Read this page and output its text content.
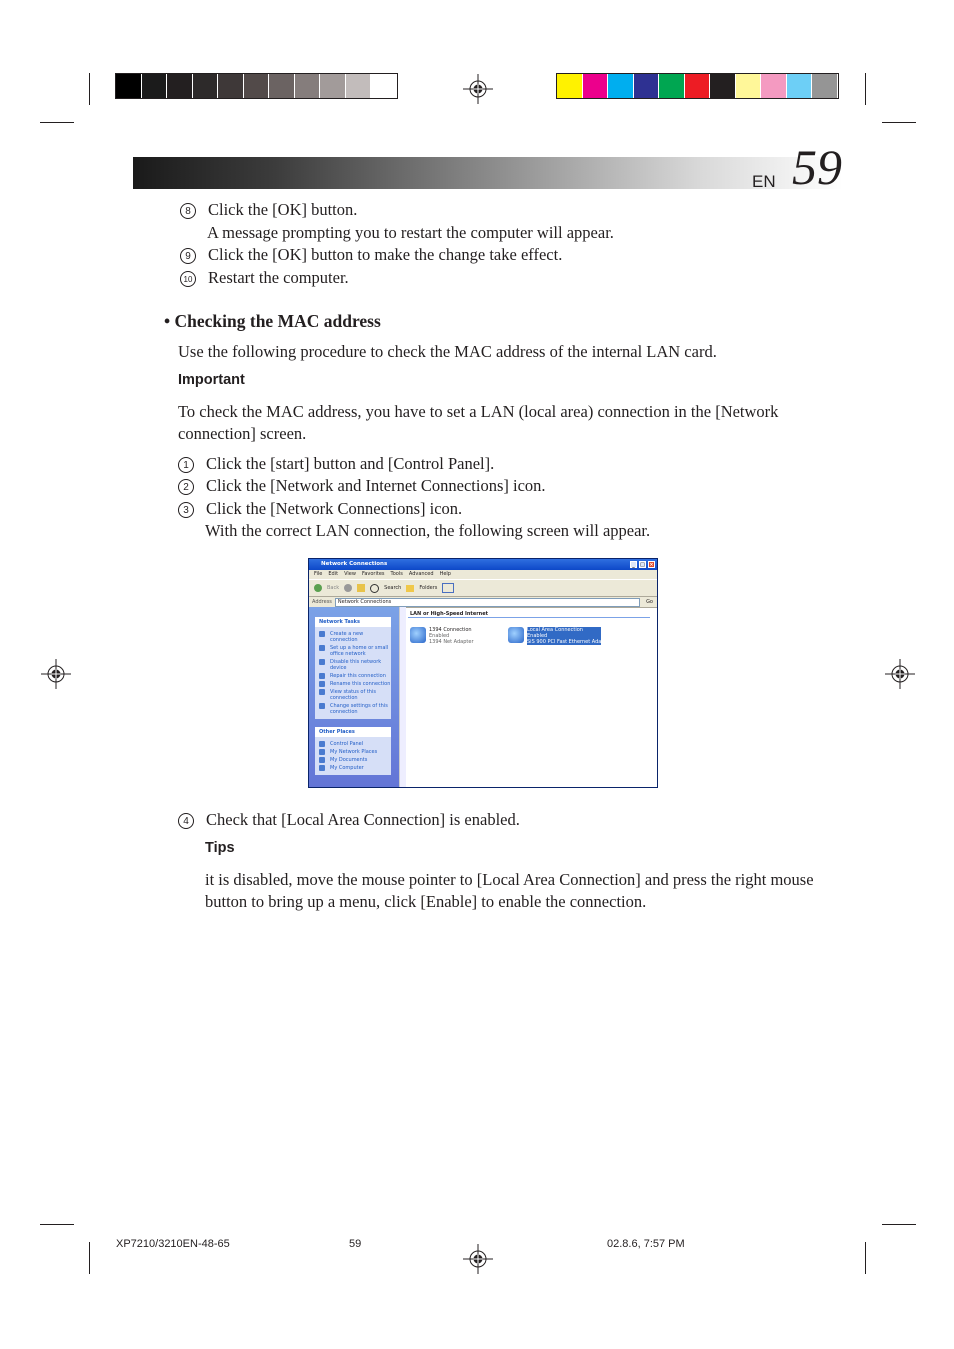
EN 59
8 Click the [OK] button.
A message prompting you to restart the computer will appear.
9 Click the [OK] button to make the change take effect.
10 Restart the computer.
• Checking the MAC address
Use the following procedure to check the MAC address of the internal LAN card.
Important
To check the MAC address, you have to set a LAN (local area) connection in the [Network connection] screen.
1 Click the [start] button and [Control Panel].
2 Click the [Network and Internet Connections] icon.
3 Click the [Network Connections] icon.
With the correct LAN connection, the following screen will appear.
Network Connections	_	□ ×
File Edit View Favorites Tools Advanced Help
Back	Search	Folders
Address	Network Connections	Go
Network Tasks
Create a new connection
Set up a home or small office network
Disable this network device
Repair this connection
Rename this connection
View status of this connection
Change settings of this connection
Other Places
Control Panel
My Network Places
My Documents
My Computer
LAN or High-Speed Internet
1394 Connection
Enabled
1394 Net Adapter
Local Area Connection
Enabled
SiS 900 PCI Fast Ethernet Ada
4 Check that [Local Area Connection] is enabled.
Tips
it is disabled, move the mouse pointer to [Local Area Connection] and press the right mouse button to bring up a menu, click [Enable] to enable the connection.
XP7210/3210EN-48-65	59	02.8.6, 7:57 PM
